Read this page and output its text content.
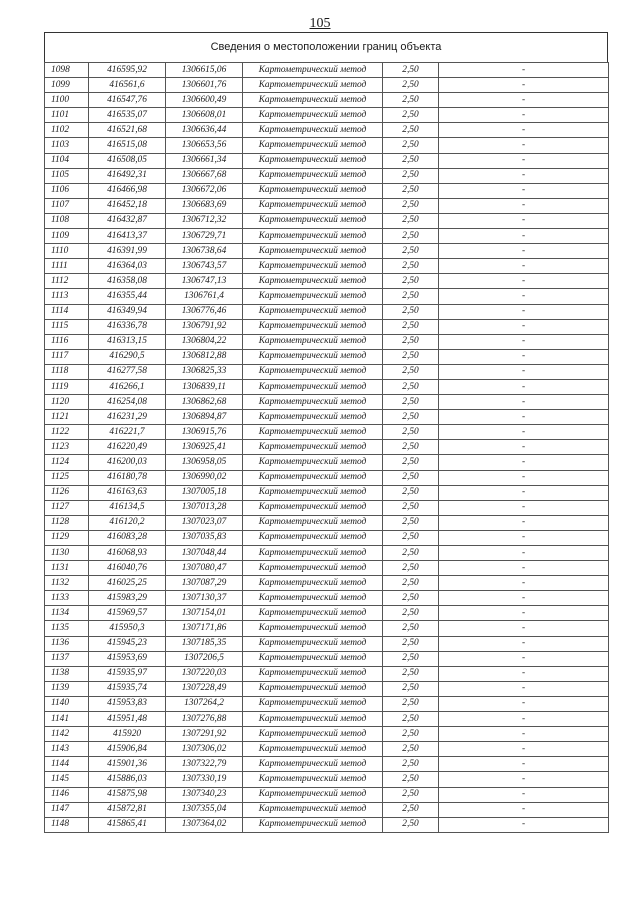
105
Сведения о местоположении границ объекта
1098	416595,92	1306615,06	Картометрический метод	2,50	-
1099	416561,6	1306601,76	Картометрический метод	2,50	-
1100	416547,76	1306600,49	Картометрический метод	2,50	-
1101	416535,07	1306608,01	Картометрический метод	2,50	-
1102	416521,68	1306636,44	Картометрический метод	2,50	-
1103	416515,08	1306653,56	Картометрический метод	2,50	-
1104	416508,05	1306661,34	Картометрический метод	2,50	-
1105	416492,31	1306667,68	Картометрический метод	2,50	-
1106	416466,98	1306672,06	Картометрический метод	2,50	-
1107	416452,18	1306683,69	Картометрический метод	2,50	-
1108	416432,87	1306712,32	Картометрический метод	2,50	-
1109	416413,37	1306729,71	Картометрический метод	2,50	-
1110	416391,99	1306738,64	Картометрический метод	2,50	-
1111	416364,03	1306743,57	Картометрический метод	2,50	-
1112	416358,08	1306747,13	Картометрический метод	2,50	-
1113	416355,44	1306761,4	Картометрический метод	2,50	-
1114	416349,94	1306776,46	Картометрический метод	2,50	-
1115	416336,78	1306791,92	Картометрический метод	2,50	-
1116	416313,15	1306804,22	Картометрический метод	2,50	-
1117	416290,5	1306812,88	Картометрический метод	2,50	-
1118	416277,58	1306825,33	Картометрический метод	2,50	-
1119	416266,1	1306839,11	Картометрический метод	2,50	-
1120	416254,08	1306862,68	Картометрический метод	2,50	-
1121	416231,29	1306894,87	Картометрический метод	2,50	-
1122	416221,7	1306915,76	Картометрический метод	2,50	-
1123	416220,49	1306925,41	Картометрический метод	2,50	-
1124	416200,03	1306958,05	Картометрический метод	2,50	-
1125	416180,78	1306990,02	Картометрический метод	2,50	-
1126	416163,63	1307005,18	Картометрический метод	2,50	-
1127	416134,5	1307013,28	Картометрический метод	2,50	-
1128	416120,2	1307023,07	Картометрический метод	2,50	-
1129	416083,28	1307035,83	Картометрический метод	2,50	-
1130	416068,93	1307048,44	Картометрический метод	2,50	-
1131	416040,76	1307080,47	Картометрический метод	2,50	-
1132	416025,25	1307087,29	Картометрический метод	2,50	-
1133	415983,29	1307130,37	Картометрический метод	2,50	-
1134	415969,57	1307154,01	Картометрический метод	2,50	-
1135	415950,3	1307171,86	Картометрический метод	2,50	-
1136	415945,23	1307185,35	Картометрический метод	2,50	-
1137	415953,69	1307206,5	Картометрический метод	2,50	-
1138	415935,97	1307220,03	Картометрический метод	2,50	-
1139	415935,74	1307228,49	Картометрический метод	2,50	-
1140	415953,83	1307264,2	Картометрический метод	2,50	-
1141	415951,48	1307276,88	Картометрический метод	2,50	-
1142	415920	1307291,92	Картометрический метод	2,50	-
1143	415906,84	1307306,02	Картометрический метод	2,50	-
1144	415901,36	1307322,79	Картометрический метод	2,50	-
1145	415886,03	1307330,19	Картометрический метод	2,50	-
1146	415875,98	1307340,23	Картометрический метод	2,50	-
1147	415872,81	1307355,04	Картометрический метод	2,50	-
1148	415865,41	1307364,02	Картометрический метод	2,50	-
